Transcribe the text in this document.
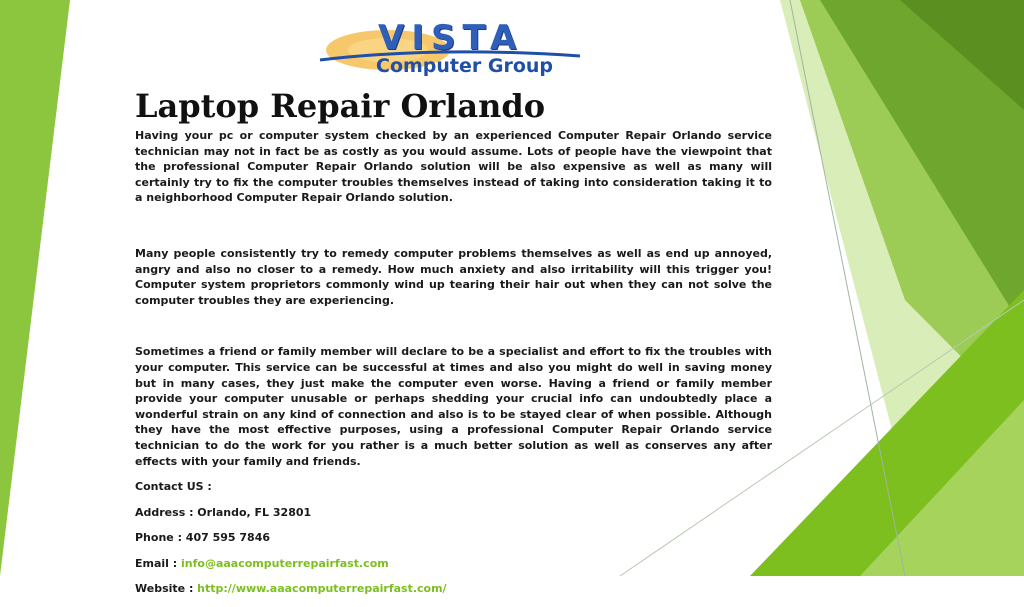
VISTA
Computer Group
Laptop Repair Orlando

Having your pc or computer system checked by an experienced Computer Repair Orlando service technician may not in fact be as costly as you would assume. Lots of people have the viewpoint that the professional Computer Repair Orlando solution will be also expensive as well as many will certainly try to fix the computer troubles themselves instead of taking into consideration taking it to a neighborhood Computer Repair Orlando solution.

Many people consistently try to remedy computer problems themselves as well as end up annoyed, angry and also no closer to a remedy. How much anxiety and also irritability will this trigger you! Computer system proprietors commonly wind up tearing their hair out when they can not solve the computer troubles they are experiencing.

Sometimes a friend or family member will declare to be a specialist and effort to fix the troubles with your computer. This service can be successful at times and also you might do well in saving money but in many cases, they just make the computer even worse. Having a friend or family member provide your computer unusable or perhaps shedding your crucial info can undoubtedly place a wonderful strain on any kind of connection and also is to be stayed clear of when possible. Although they have the most effective purposes, using a professional Computer Repair Orlando service technician to do the work for you rather is a much better solution as well as conserves any after effects with your family and friends.

Contact US :

Address : Orlando, FL 32801

Phone : 407 595 7846

Email : info@aaacomputerrepairfast.com

Website : http://www.aaacomputerrepairfast.com/
